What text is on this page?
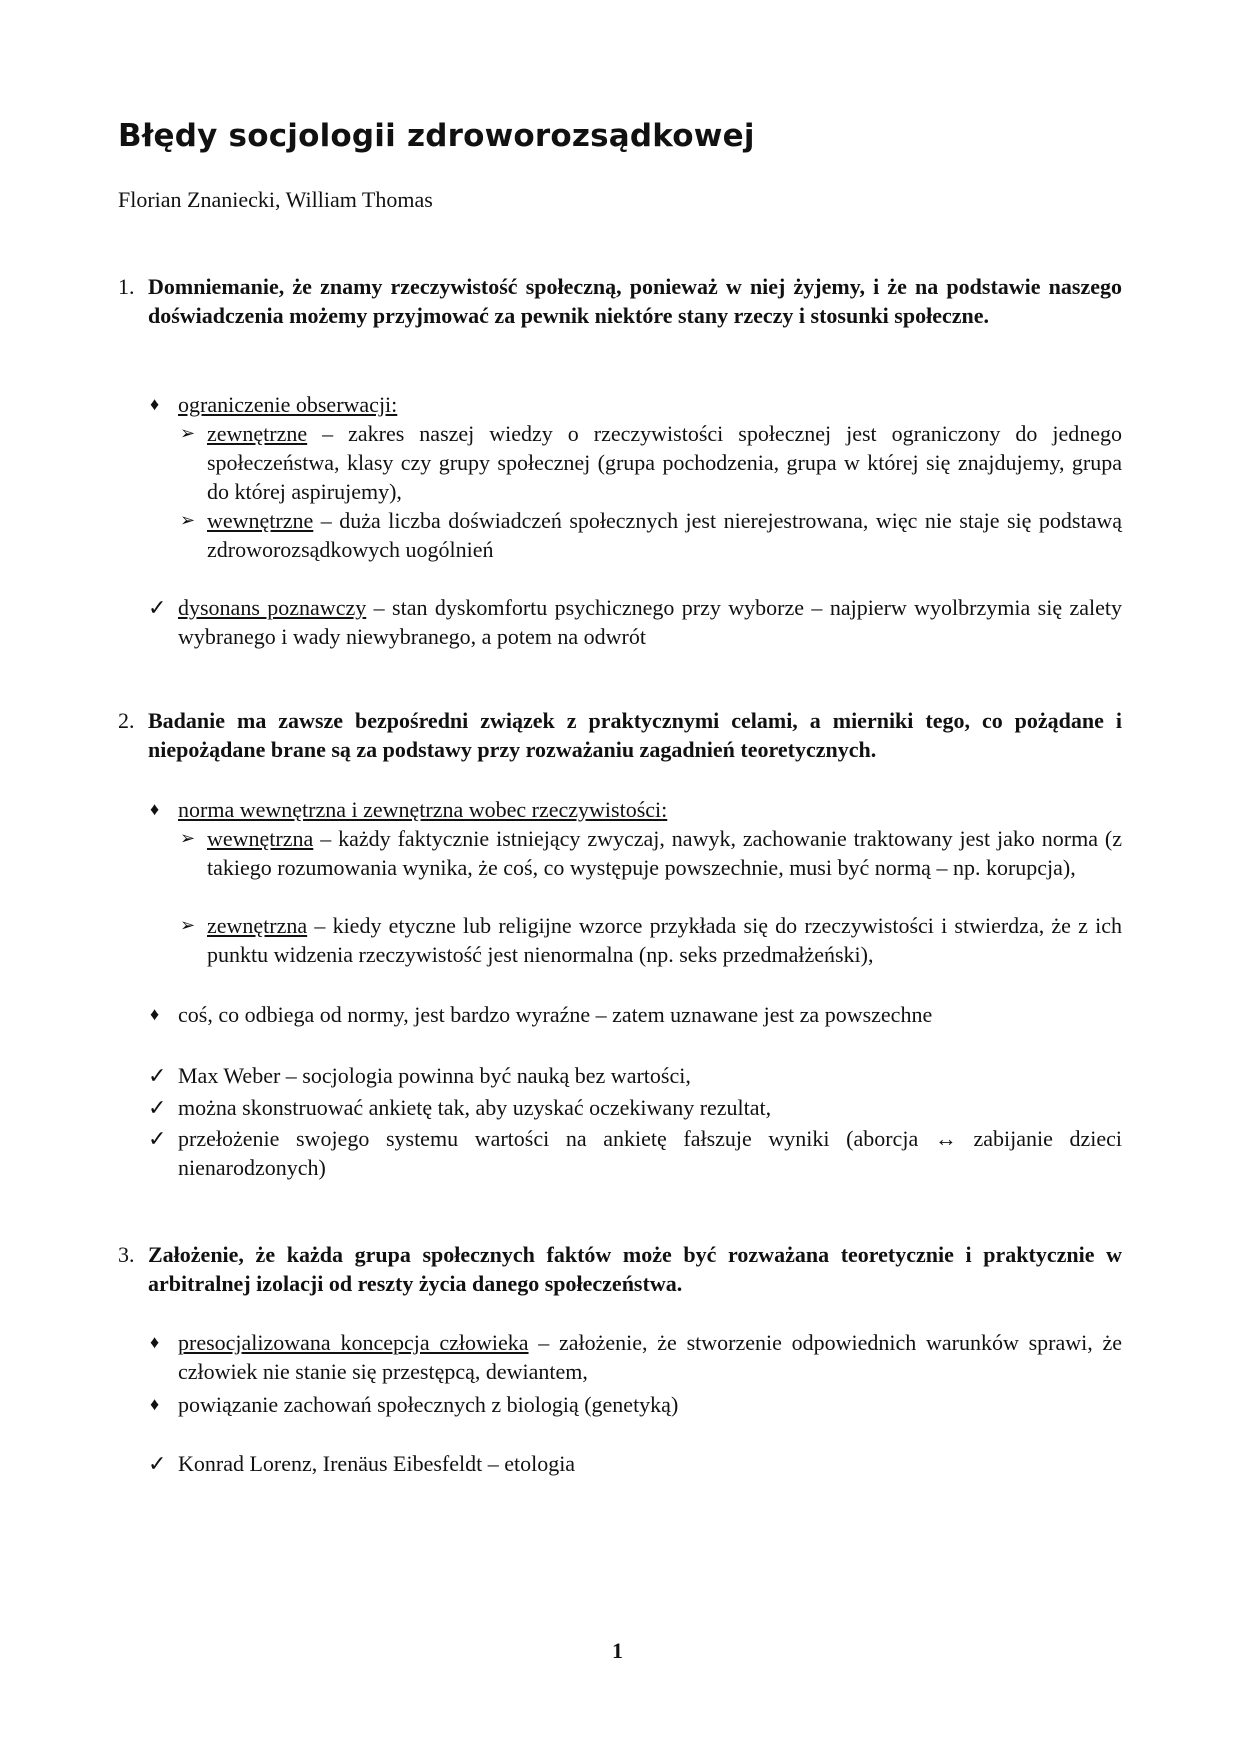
Błędy socjologii zdroworozsądkowej
Florian Znaniecki, William Thomas

1. Domniemanie, że znamy rzeczywistość społeczną, ponieważ w niej żyjemy, i że na podstawie naszego doświadczenia możemy przyjmować za pewnik niektóre stany rzeczy i stosunki społeczne.

♦ ograniczenie obserwacji:
➢ zewnętrzne – zakres naszej wiedzy o rzeczywistości społecznej jest ograniczony do jednego społeczeństwa, klasy czy grupy społecznej (grupa pochodzenia, grupa w której się znajdujemy, grupa do której aspirujemy),
➢ wewnętrzne – duża liczba doświadczeń społecznych jest nierejestrowana, więc nie staje się podstawą zdroworozsądkowych uogólnień
✓ dysonans poznawczy – stan dyskomfortu psychicznego przy wyborze – najpierw wyolbrzymia się zalety wybranego i wady niewybranego, a potem na odwrót

2. Badanie ma zawsze bezpośredni związek z praktycznymi celami, a mierniki tego, co pożądane i niepożądane brane są za podstawy przy rozważaniu zagadnień teoretycznych.

♦ norma wewnętrzna i zewnętrzna wobec rzeczywistości:
➢ wewnętrzna – każdy faktycznie istniejący zwyczaj, nawyk, zachowanie traktowany jest jako norma (z takiego rozumowania wynika, że coś, co występuje powszechnie, musi być normą – np. korupcja),
➢ zewnętrzna – kiedy etyczne lub religijne wzorce przykłada się do rzeczywistości i stwierdza, że z ich punktu widzenia rzeczywistość jest nienormalna (np. seks przedmałżeński),
♦ coś, co odbiega od normy, jest bardzo wyraźne – zatem uznawane jest za powszechne
✓ Max Weber – socjologia powinna być nauką bez wartości,
✓ można skonstruować ankietę tak, aby uzyskać oczekiwany rezultat,
✓ przełożenie swojego systemu wartości na ankietę fałszuje wyniki (aborcja ↔ zabijanie dzieci nienarodzonych)

3. Założenie, że każda grupa społecznych faktów może być rozważana teoretycznie i praktycznie w arbitralnej izolacji od reszty życia danego społeczeństwa.

♦ presocjalizowana koncepcja człowieka – założenie, że stworzenie odpowiednich warunków sprawi, że człowiek nie stanie się przestępcą, dewiantem,
♦ powiązanie zachowań społecznych z biologią (genetyką)
✓ Konrad Lorenz, Irenäus Eibesfeldt – etologia
1
